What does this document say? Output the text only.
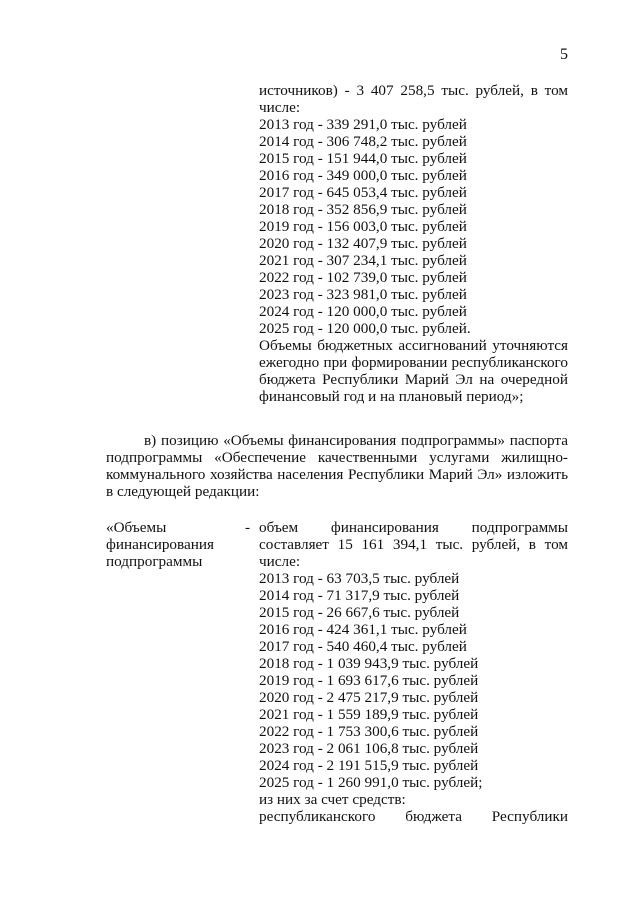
5
источников) - 3 407 258,5 тыс. рублей, в том
числе:
2013 год - 339 291,0 тыс. рублей
2014 год - 306 748,2 тыс. рублей
2015 год - 151 944,0 тыс. рублей
2016 год - 349 000,0 тыс. рублей
2017 год - 645 053,4 тыс. рублей
2018 год - 352 856,9 тыс. рублей
2019 год - 156 003,0 тыс. рублей
2020 год - 132 407,9 тыс. рублей
2021 год - 307 234,1 тыс. рублей
2022 год - 102 739,0 тыс. рублей
2023 год - 323 981,0 тыс. рублей
2024 год - 120 000,0 тыс. рублей
2025 год - 120 000,0 тыс. рублей.
Объемы бюджетных ассигнований уточняются
ежегодно при формировании республиканского
бюджета Республики Марий Эл на очередной
финансовый год и на плановый период»;
в) позицию «Объемы финансирования подпрограммы» паспорта
подпрограммы «Обеспечение качественными услугами жилищно-
коммунального хозяйства населения Республики Марий Эл» изложить
в следующей редакции:
«Объемы
финансирования
подпрограммы
- объем финансирования подпрограммы
составляет 15 161 394,1 тыс. рублей, в том
числе:
2013 год - 63 703,5 тыс. рублей
2014 год - 71 317,9 тыс. рублей
2015 год - 26 667,6 тыс. рублей
2016 год - 424 361,1 тыс. рублей
2017 год - 540 460,4 тыс. рублей
2018 год - 1 039 943,9 тыс. рублей
2019 год - 1 693 617,6 тыс. рублей
2020 год - 2 475 217,9 тыс. рублей
2021 год - 1 559 189,9 тыс. рублей
2022 год - 1 753 300,6 тыс. рублей
2023 год - 2 061 106,8 тыс. рублей
2024 год - 2 191 515,9 тыс. рублей
2025 год - 1 260 991,0 тыс. рублей;
из них за счет средств:
республиканского бюджета Республики
